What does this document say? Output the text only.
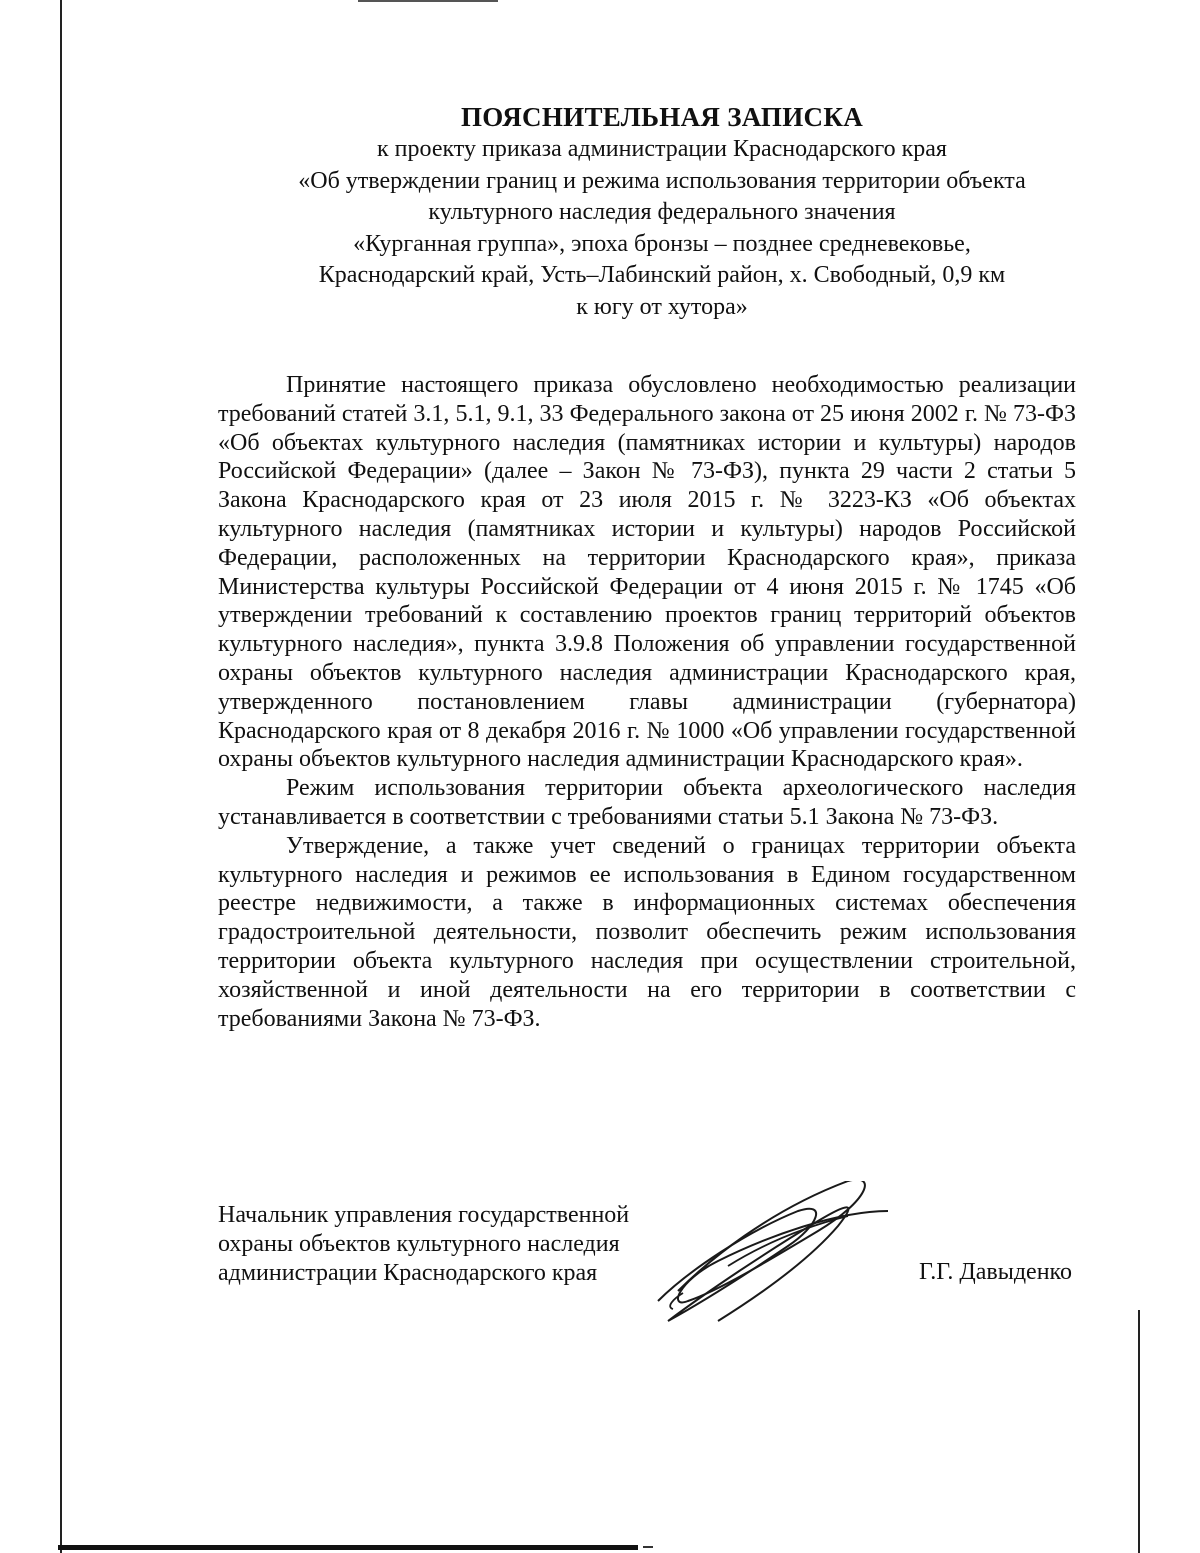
ПОЯСНИТЕЛЬНАЯ ЗАПИСКА
к проекту приказа администрации Краснодарского края
«Об утверждении границ и режима использования территории объекта
культурного наследия федерального значения
«Курганная группа», эпоха бронзы – позднее средневековье,
Краснодарский край, Усть–Лабинский район, х. Свободный, 0,9 км
к югу от хутора»

Принятие настоящего приказа обусловлено необходимостью реализации требований статей 3.1, 5.1, 9.1, 33 Федерального закона от 25 июня 2002 г. № 73-ФЗ «Об объектах культурного наследия (памятниках истории и культуры) народов Российской Федерации» (далее – Закон № 73-ФЗ), пункта 29 части 2 статьи 5 Закона Краснодарского края от 23 июля 2015 г. № 3223-КЗ «Об объектах культурного наследия (памятниках истории и культуры) народов Российской Федерации, расположенных на территории Краснодарского края», приказа Министерства культуры Российской Федерации от 4 июня 2015 г. № 1745 «Об утверждении требований к составлению проектов границ территорий объектов культурного наследия», пункта 3.9.8 Положения об управлении государственной охраны объектов культурного наследия администрации Краснодарского края, утвержденного постановлением главы администрации (губернатора) Краснодарского края от 8 декабря 2016 г. № 1000 «Об управлении государственной охраны объектов культурного наследия администрации Краснодарского края».

Режим использования территории объекта археологического наследия устанавливается в соответствии с требованиями статьи 5.1 Закона № 73-ФЗ.

Утверждение, а также учет сведений о границах территории объекта культурного наследия и режимов ее использования в Едином государственном реестре недвижимости, а также в информационных системах обеспечения градостроительной деятельности, позволит обеспечить режим использования территории объекта культурного наследия при осуществлении строительной, хозяйственной и иной деятельности на его территории в соответствии с требованиями Закона № 73-ФЗ.

Начальник управления государственной
охраны объектов культурного наследия
администрации Краснодарского края	Г.Г. Давыденко
